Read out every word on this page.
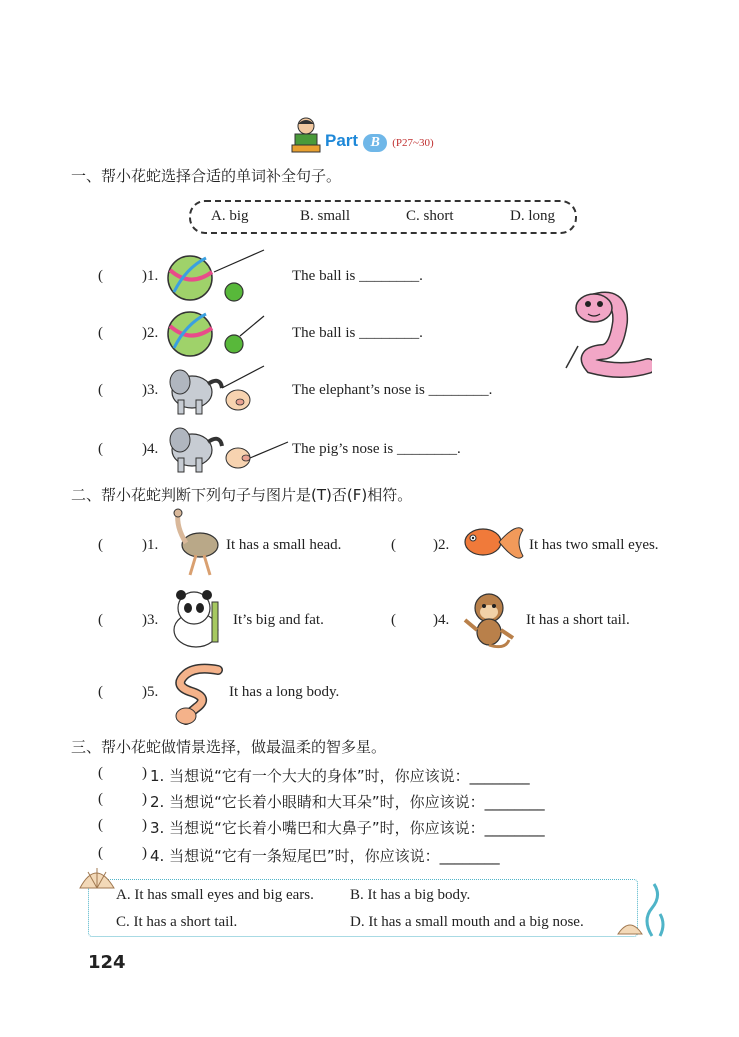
Part B (P27~30)
一、帮小花蛇选择合适的单词补全句子。
A. big	B. small	C. short	D. long
(	)1.	The ball is ________.
(	)2.	The ball is ________.
(	)3.	The elephant’s nose is ________.
(	)4.	The pig’s nose is ________.
二、帮小花蛇判断下列句子与图片是(T)否(F)相符。
(	)1.	It has a small head.	( )2.	It has two small eyes.
(	)3.	It’s big and fat.	( )4.	It has a short tail.
(	)5.	It has a long body.
三、帮小花蛇做情景选择，做最温柔的智多星。
(	) 1. 当想说“它有一个大大的身体”时，你应该说：________
(	) 2. 当想说“它长着小眼睛和大耳朵”时，你应该说：________
(	) 3. 当想说“它长着小嘴巴和大鼻子”时，你应该说：________
(	) 4. 当想说“它有一条短尾巴”时，你应该说：________
A. It has small eyes and big ears. B. It has a big body.
C. It has a short tail.	D. It has a small mouth and a big nose.
124
